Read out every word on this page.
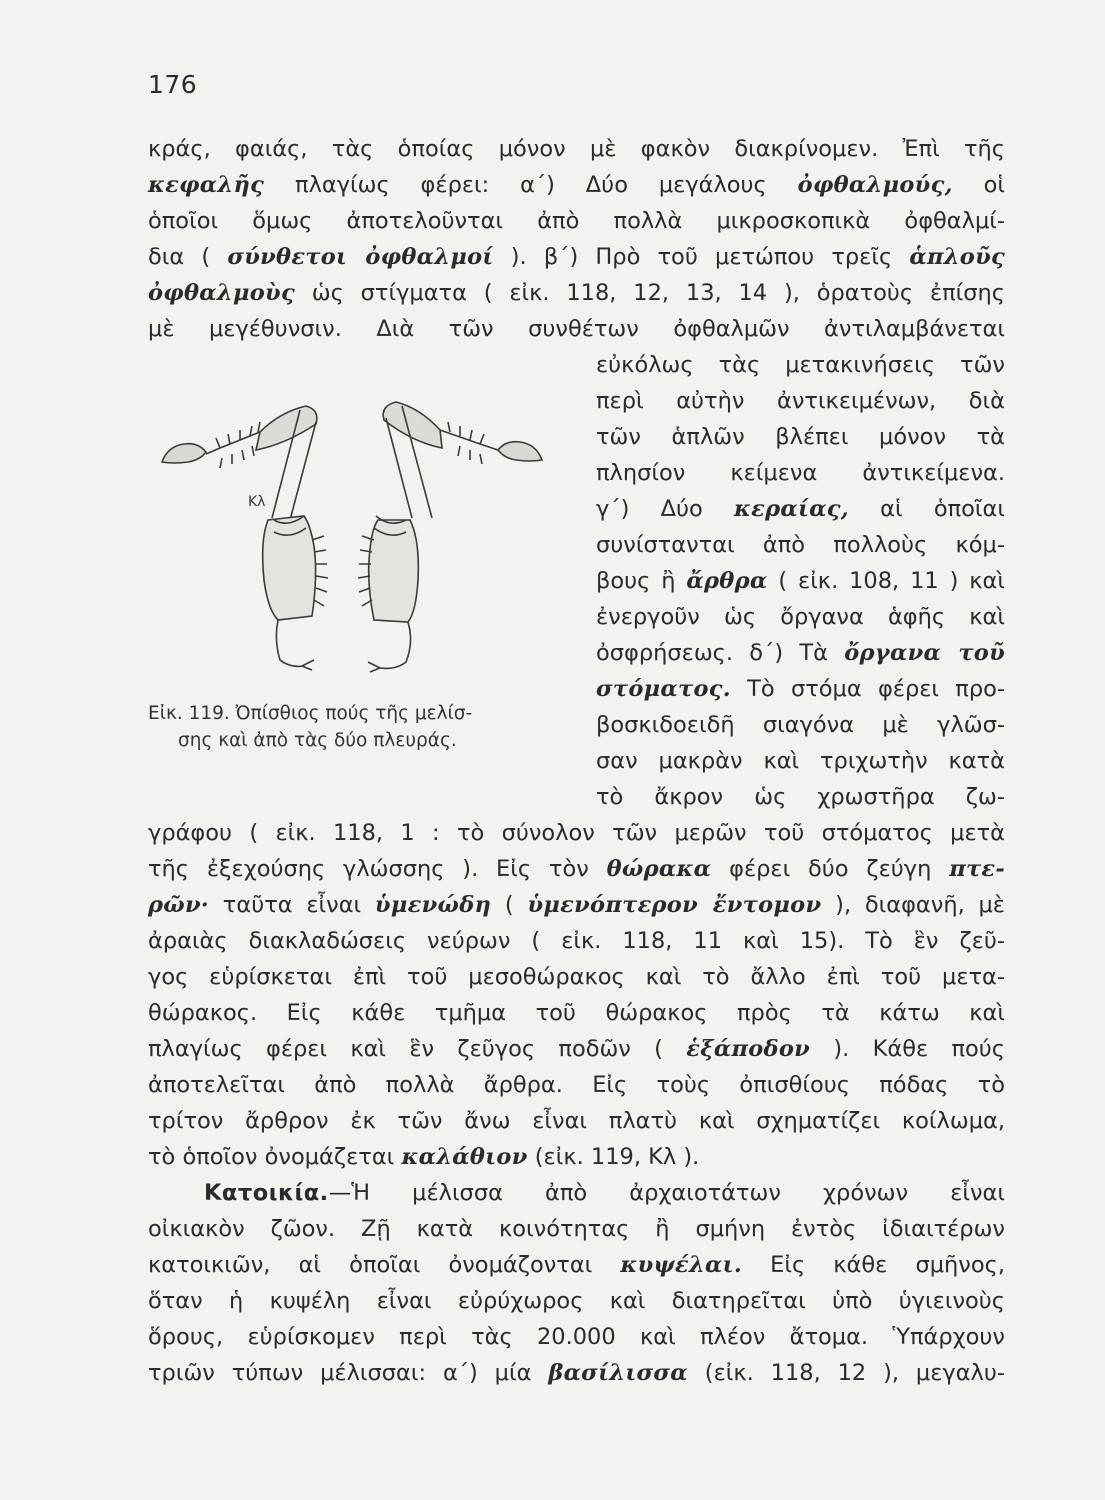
176
κράς, φαιάς, τὰς ὁποίας μόνον μὲ φακὸν διακρίνομεν. Ἐπὶ τῆς
κεφαλῆς πλαγίως φέρει: α΄) Δύο μεγάλους ὀφθαλμούς, οἱ
ὁποῖοι ὅμως ἀποτελοῦνται ἀπὸ πολλὰ μικροσκοπικὰ ὀφθαλμί-
δια ( σύνθετοι ὀφθαλμοί ). β΄) Πρὸ τοῦ μετώπου τρεῖς ἁπλοῦς
ὀφθαλμοὺς ὡς στίγματα ( εἰκ. 118, 12, 13, 14 ), ὁρατοὺς ἐπίσης
μὲ μεγέθυνσιν. Διὰ τῶν συνθέτων ὀφθαλμῶν ἀντιλαμβάνεται
εὐκόλως τὰς μετακινήσεις τῶν
περὶ αὐτὴν ἀντικειμένων, διὰ
τῶν ἁπλῶν βλέπει μόνον τὰ
πλησίον κείμενα ἀντικείμενα.
γ΄) Δύο κεραίας, αἱ ὁποῖαι
συνίστανται ἀπὸ πολλοὺς κόμ-
βους ἢ ἄρθρα ( εἰκ. 108, 11 ) καὶ
ἐνεργοῦν ὡς ὄργανα ἁφῆς καὶ
ὀσφρήσεως. δ΄) Τὰ ὄργανα τοῦ
στόματος. Τὸ στόμα φέρει προ-
βοσκιδοειδῆ σιαγόνα μὲ γλῶσ-
σαν μακρὰν καὶ τριχωτὴν κατὰ
τὸ ἄκρον ὡς χρωστῆρα ζω-
Κλ
Εἰκ. 119. Ὀπίσθιος πούς τῆς μελίσ-
σης καὶ ἀπὸ τὰς δύο πλευράς.
γράφου ( εἰκ. 118, 1 : τὸ σύνολον τῶν μερῶν τοῦ στόματος μετὰ
τῆς ἐξεχούσης γλώσσης ). Εἰς τὸν θώρακα φέρει δύο ζεύγη πτε-
ρῶν· ταῦτα εἶναι ὑμενώδη ( ὑμενόπτερον ἔντομον ), διαφανῆ, μὲ
ἀραιὰς διακλαδώσεις νεύρων ( εἰκ. 118, 11 καὶ 15). Τὸ ἓν ζεῦ-
γος εὑρίσκεται ἐπὶ τοῦ μεσοθώρακος καὶ τὸ ἄλλο ἐπὶ τοῦ μετα-
θώρακος. Εἰς κάθε τμῆμα τοῦ θώρακος πρὸς τὰ κάτω καὶ
πλαγίως φέρει καὶ ἓν ζεῦγος ποδῶν ( ἑξάποδον ). Κάθε πούς
ἀποτελεῖται ἀπὸ πολλὰ ἄρθρα. Εἰς τοὺς ὀπισθίους πόδας τὸ
τρίτον ἄρθρον ἐκ τῶν ἄνω εἶναι πλατὺ καὶ σχηματίζει κοίλωμα,
τὸ ὁποῖον ὀνομάζεται καλάθιον (εἰκ. 119, Κλ ).
Κατοικία.—Ἡ μέλισσα ἀπὸ ἀρχαιοτάτων χρόνων εἶναι
οἰκιακὸν ζῶον. Ζῇ κατὰ κοινότητας ἢ σμήνη ἐντὸς ἰδιαιτέρων
κατοικιῶν, αἱ ὁποῖαι ὀνομάζονται κυψέλαι. Εἰς κάθε σμῆνος,
ὅταν ἡ κυψέλη εἶναι εὐρύχωρος καὶ διατηρεῖται ὑπὸ ὑγιεινοὺς
ὅρους, εὑρίσκομεν περὶ τὰς 20.000 καὶ πλέον ἄτομα. Ὑπάρχουν
τριῶν τύπων μέλισσαι: α΄) μία βασίλισσα (εἰκ. 118, 12 ), μεγαλυ-
